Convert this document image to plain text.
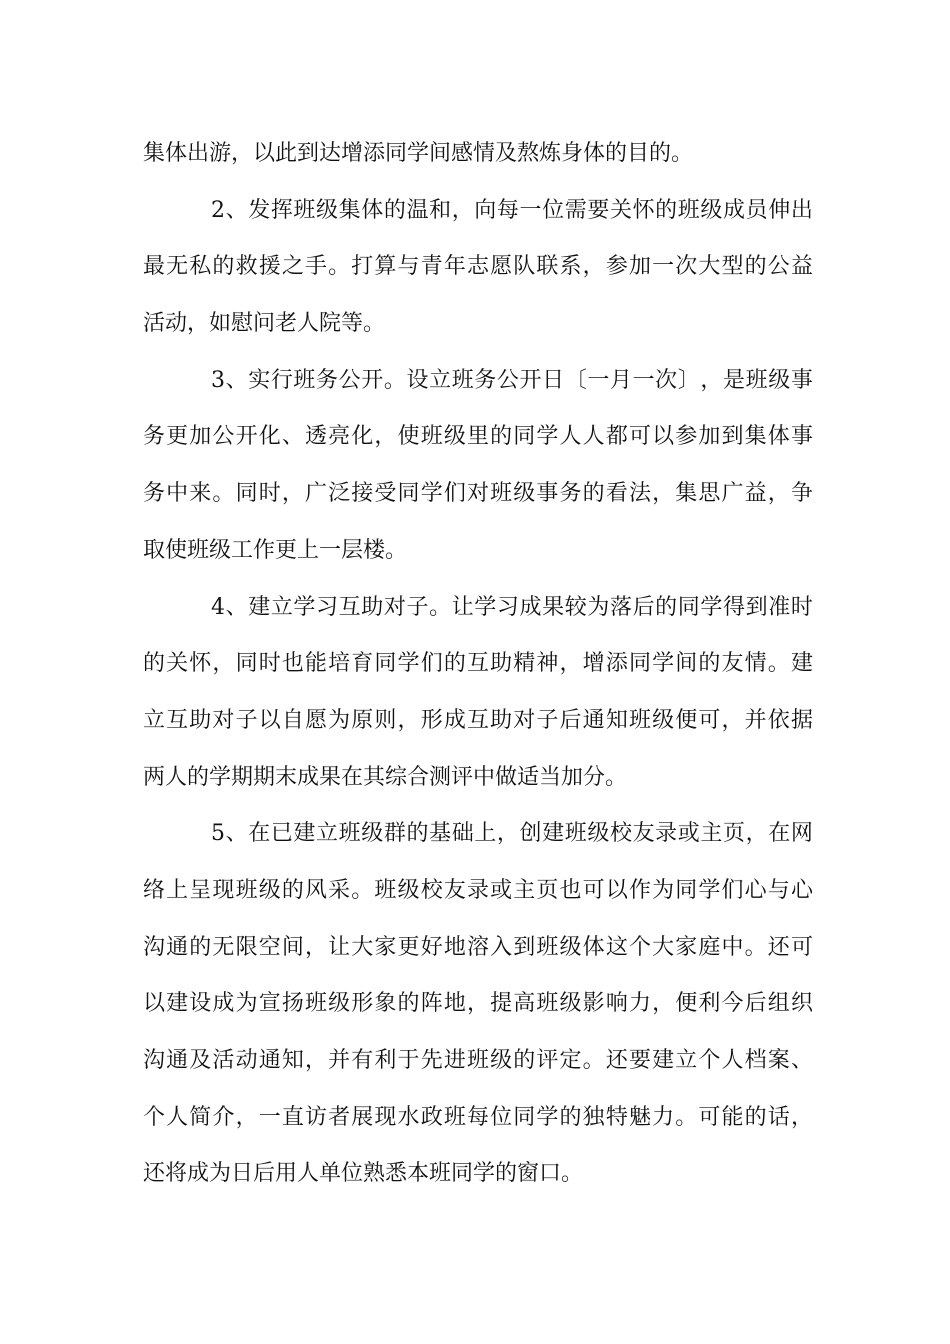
集体出游，以此到达增添同学间感情及熬炼身体的目的。
2 、 发 挥 班 级 集 体 的 温 和 ， 向 每 一 位 需 要 关 怀 的 班 级 成 员 伸 出
最 无 私 的 救 援 之 手 。 打 算 与 青 年 志 愿 队 联 系 ， 参 加 一 次 大 型 的 公 益
活动，如慰问老人院等。
3 、 实 行 班 务 公 开 。 设 立 班 务 公 开 日 〔 一 月 一 次 〕 ， 是 班 级 事
务 更 加 公 开 化 、 透 亮 化 ， 使 班 级 里 的 同 学 人 人 都 可 以 参 加 到 集 体 事
务 中 来 。 同 时 ， 广 泛 接 受 同 学 们 对 班 级 事 务 的 看 法 ， 集 思 广 益 ， 争
取使班级工作更上一层楼。
4 、 建 立 学 习 互 助 对 子 。 让 学 习 成 果 较 为 落 后 的 同 学 得 到 准 时
的 关 怀 ， 同 时 也 能 培 育 同 学 们 的 互 助 精 神 ， 增 添 同 学 间 的 友 情 。 建
立 互 助 对 子 以 自 愿 为 原 则 ， 形 成 互 助 对 子 后 通 知 班 级 便 可 ， 并 依 据
两人的学期期末成果在其综合测评中做适当加分。
5 、 在 已 建 立 班 级 群 的 基 础 上 ， 创 建 班 级 校 友 录 或 主 页 ， 在 网
络 上 呈 现 班 级 的 风 采 。 班 级 校 友 录 或 主 页 也 可 以 作 为 同 学 们 心 与 心
沟 通 的 无 限 空 间 ， 让 大 家 更 好 地 溶 入 到 班 级 体 这 个 大 家 庭 中 。 还 可
以 建 设 成 为 宣 扬 班 级 形 象 的 阵 地 ， 提 高 班 级 影 响 力 ， 便 利 今 后 组 织
沟 通 及 活 动 通 知 ， 并 有 利 于 先 进 班 级 的 评 定 。 还 要 建 立 个 人 档 案 、
个 人 简 介 ， 一 直 访 者 展 现 水 政 班 每 位 同 学 的 独 特 魅 力 。 可 能 的 话 ，
还将成为日后用人单位熟悉本班同学的窗口。
